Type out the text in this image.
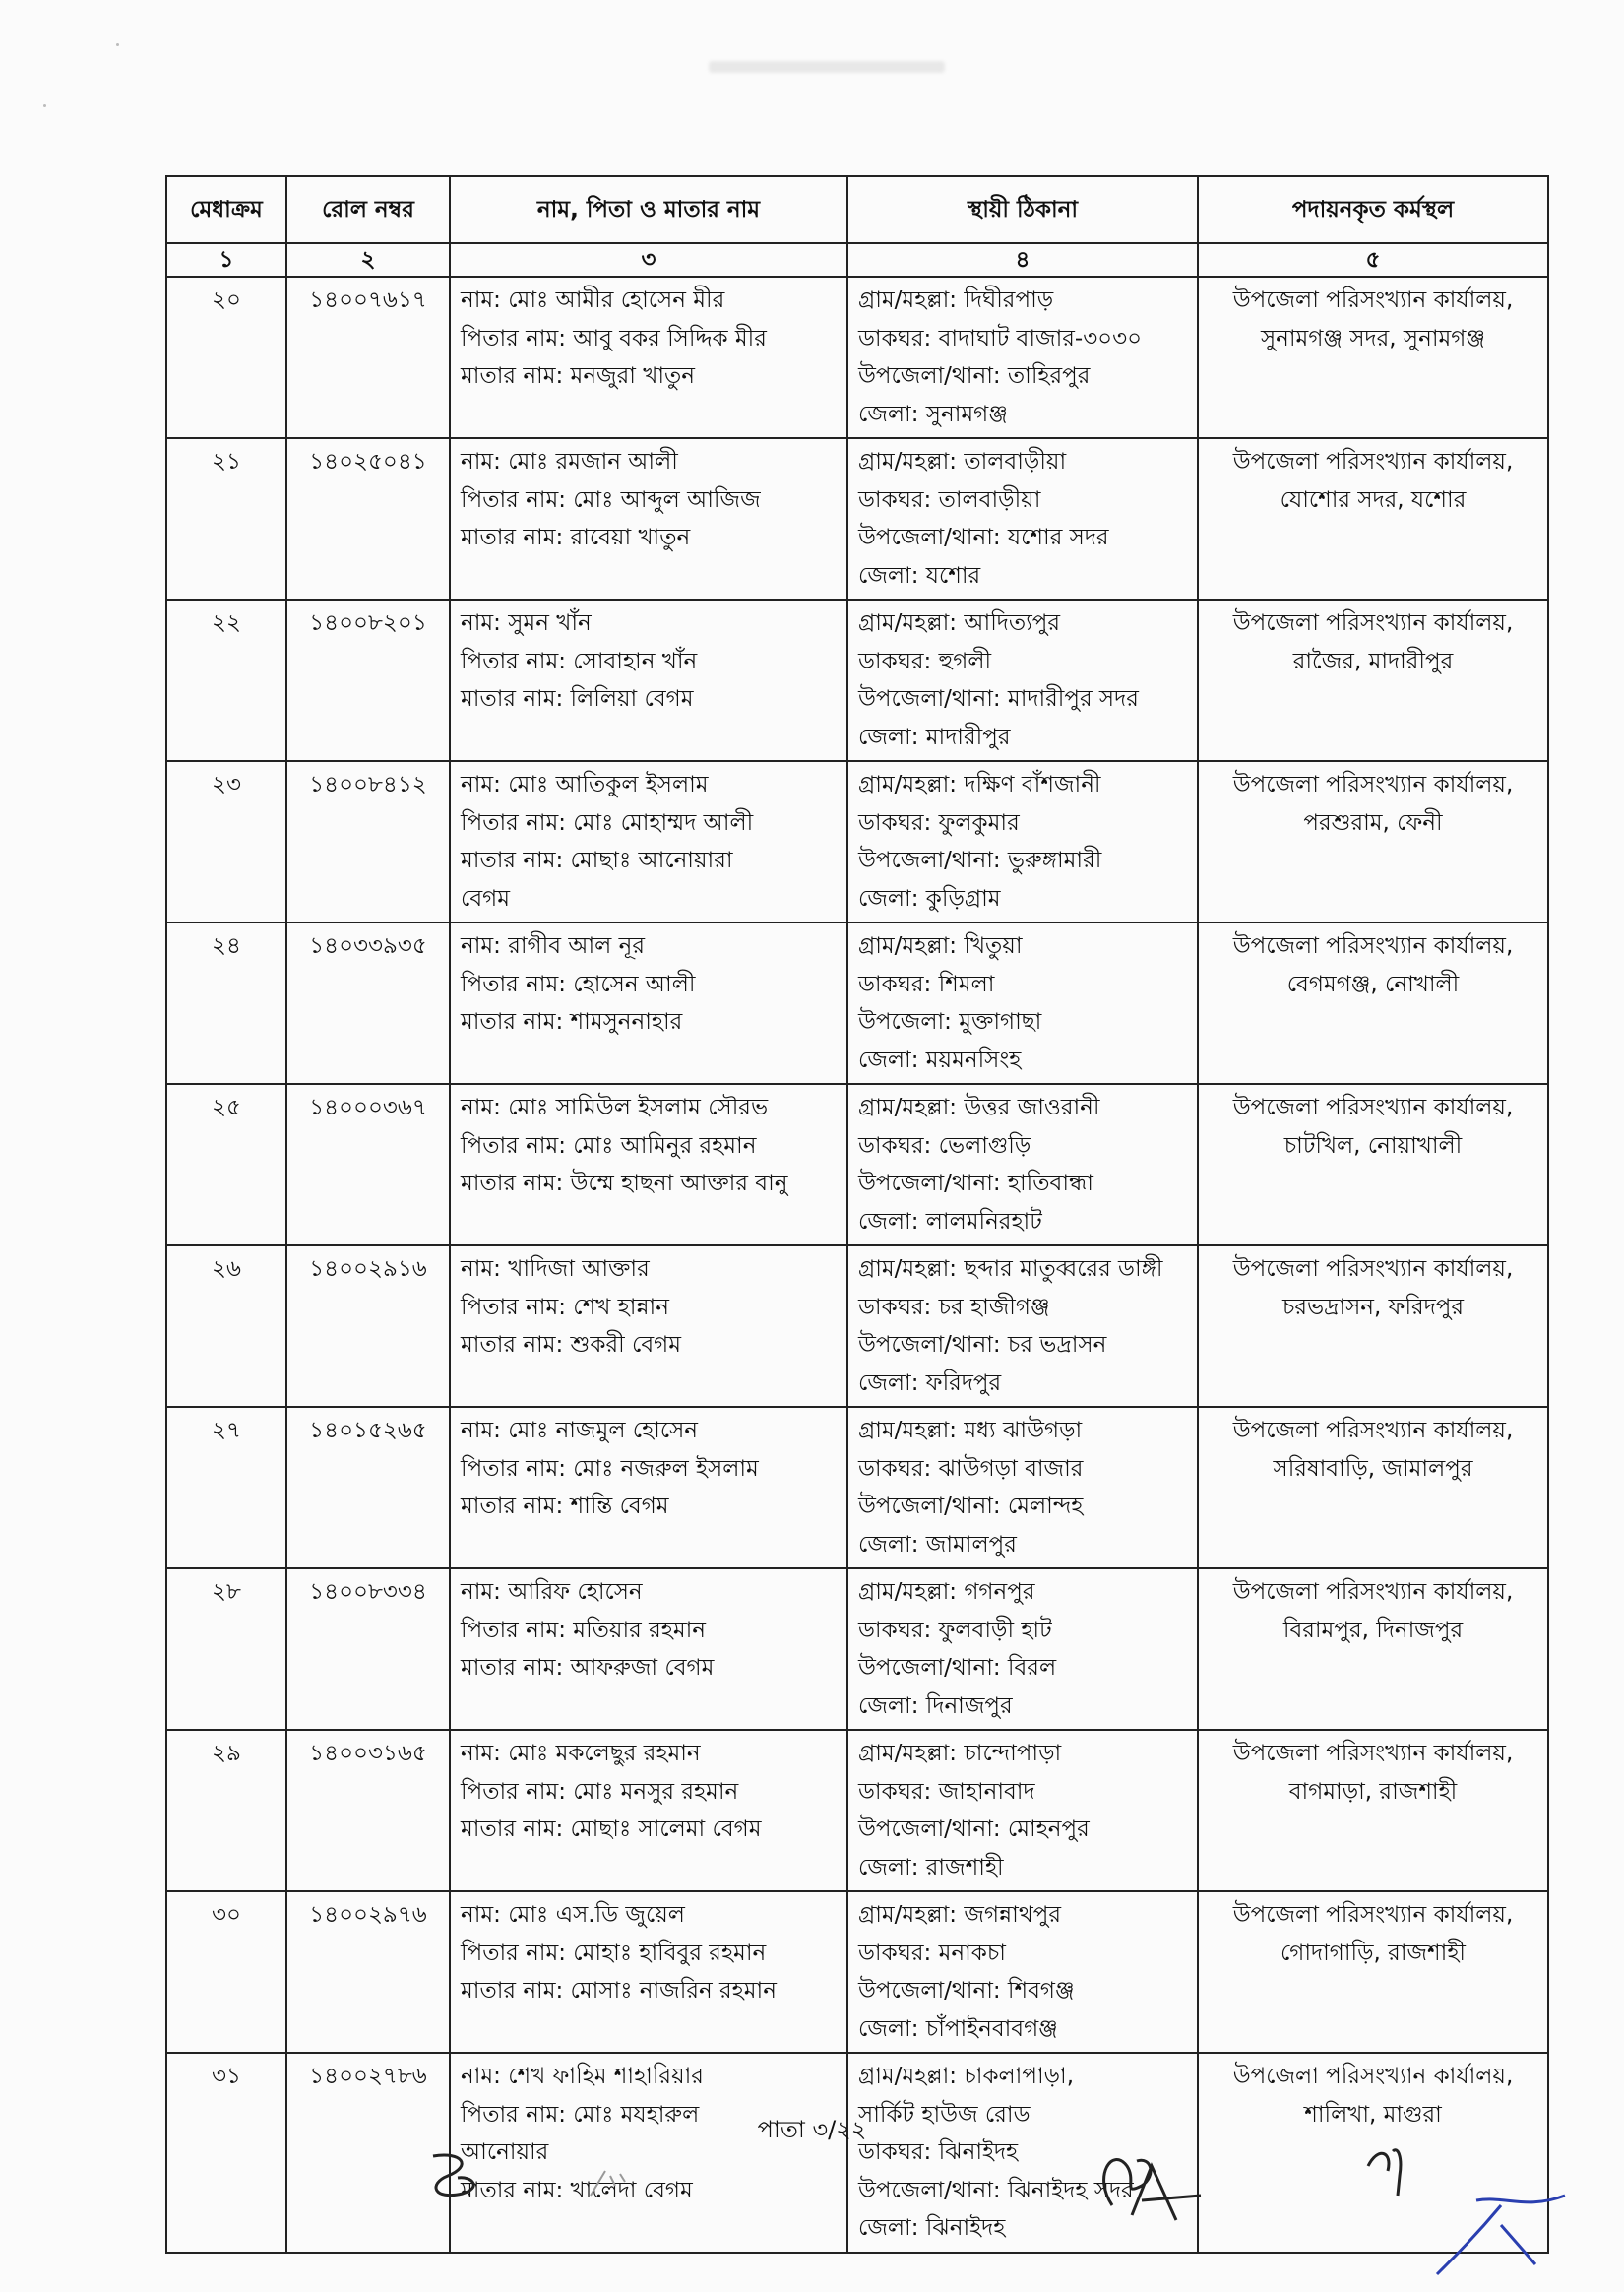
মেধাক্রম	রোল নম্বর	নাম, পিতা ও মাতার নাম	স্থায়ী ঠিকানা	পদায়নকৃত কর্মস্থল
১	২	৩	৪	৫
২০	১৪০০৭৬১৭	নাম: মোঃ আমীর হোসেন মীর
পিতার নাম: আবু বকর সিদ্দিক মীর
মাতার নাম: মনজুরা খাতুন	গ্রাম/মহল্লা: দিঘীরপাড়
ডাকঘর: বাদাঘাট বাজার-৩০৩০
উপজেলা/থানা: তাহিরপুর
জেলা: সুনামগঞ্জ	উপজেলা পরিসংখ্যান কার্যালয়,
সুনামগঞ্জ সদর, সুনামগঞ্জ

২১	১৪০২৫০৪১	নাম: মোঃ রমজান আলী
পিতার নাম: মোঃ আব্দুল আজিজ
মাতার নাম: রাবেয়া খাতুন	গ্রাম/মহল্লা: তালবাড়ীয়া
ডাকঘর: তালবাড়ীয়া
উপজেলা/থানা: যশোর সদর
জেলা: যশোর	উপজেলা পরিসংখ্যান কার্যালয়,
যোশোর সদর, যশোর

২২	১৪০০৮২০১	নাম: সুমন খাঁন
পিতার নাম: সোবাহান খাঁন
মাতার নাম: লিলিয়া বেগম	গ্রাম/মহল্লা: আদিত্যপুর
ডাকঘর: হুগলী
উপজেলা/থানা: মাদারীপুর সদর
জেলা: মাদারীপুর	উপজেলা পরিসংখ্যান কার্যালয়,
রাজৈর, মাদারীপুর

২৩	১৪০০৮৪১২	নাম: মোঃ আতিকুল ইসলাম
পিতার নাম: মোঃ মোহাম্মদ আলী
মাতার নাম: মোছাঃ আনোয়ারা
বেগম	গ্রাম/মহল্লা: দক্ষিণ বাঁশজানী
ডাকঘর: ফুলকুমার
উপজেলা/থানা: ভুরুঙ্গামারী
জেলা: কুড়িগ্রাম	উপজেলা পরিসংখ্যান কার্যালয়,
পরশুরাম, ফেনী

২৪	১৪০৩৩৯৩৫	নাম: রাগীব আল নূর
পিতার নাম: হোসেন আলী
মাতার নাম: শামসুননাহার	গ্রাম/মহল্লা: খিতুয়া
ডাকঘর: শিমলা
উপজেলা: মুক্তাগাছা
জেলা: ময়মনসিংহ	উপজেলা পরিসংখ্যান কার্যালয়,
বেগমগঞ্জ, নোখালী

২৫	১৪০০০৩৬৭	নাম: মোঃ সামিউল ইসলাম সৌরভ
পিতার নাম: মোঃ আমিনুর রহমান
মাতার নাম: উম্মে হাছনা আক্তার বানু	গ্রাম/মহল্লা: উত্তর জাওরানী
ডাকঘর: ভেলাগুড়ি
উপজেলা/থানা: হাতিবান্ধা
জেলা: লালমনিরহাট	উপজেলা পরিসংখ্যান কার্যালয়,
চাটখিল, নোয়াখালী

২৬	১৪০০২৯১৬	নাম: খাদিজা আক্তার
পিতার নাম: শেখ হান্নান
মাতার নাম: শুকরী বেগম	গ্রাম/মহল্লা: ছব্দার মাতুব্বরের ডাঙ্গী
ডাকঘর: চর হাজীগঞ্জ
উপজেলা/থানা: চর ভদ্রাসন
জেলা: ফরিদপুর	উপজেলা পরিসংখ্যান কার্যালয়,
চরভদ্রাসন, ফরিদপুর

২৭	১৪০১৫২৬৫	নাম: মোঃ নাজমুল হোসেন
পিতার নাম: মোঃ নজরুল ইসলাম
মাতার নাম: শান্তি বেগম	গ্রাম/মহল্লা: মধ্য ঝাউগড়া
ডাকঘর: ঝাউগড়া বাজার
উপজেলা/থানা: মেলান্দহ
জেলা: জামালপুর	উপজেলা পরিসংখ্যান কার্যালয়,
সরিষাবাড়ি, জামালপুর

২৮	১৪০০৮৩৩৪	নাম: আরিফ হোসেন
পিতার নাম: মতিয়ার রহমান
মাতার নাম: আফরুজা বেগম	গ্রাম/মহল্লা: গগনপুর
ডাকঘর: ফুলবাড়ী হাট
উপজেলা/থানা: বিরল
জেলা: দিনাজপুর	উপজেলা পরিসংখ্যান কার্যালয়,
বিরামপুর, দিনাজপুর

২৯	১৪০০৩১৬৫	নাম: মোঃ মকলেছুর রহমান
পিতার নাম: মোঃ মনসুর রহমান
মাতার নাম: মোছাঃ সালেমা বেগম	গ্রাম/মহল্লা: চান্দোপাড়া
ডাকঘর: জাহানাবাদ
উপজেলা/থানা: মোহনপুর
জেলা: রাজশাহী	উপজেলা পরিসংখ্যান কার্যালয়,
বাগমাড়া, রাজশাহী

৩০	১৪০০২৯৭৬	নাম: মোঃ এস.ডি জুয়েল
পিতার নাম: মোহাঃ হাবিবুর রহমান
মাতার নাম: মোসাঃ নাজরিন রহমান	গ্রাম/মহল্লা: জগন্নাথপুর
ডাকঘর: মনাকচা
উপজেলা/থানা: শিবগঞ্জ
জেলা: চাঁপাইনবাবগঞ্জ	উপজেলা পরিসংখ্যান কার্যালয়,
গোদাগাড়ি, রাজশাহী

৩১	১৪০০২৭৮৬	নাম: শেখ ফাহিম শাহারিয়ার
পিতার নাম: মোঃ মযহারুল
আনোয়ার
মাতার নাম: খালেদা বেগম	গ্রাম/মহল্লা: চাকলাপাড়া,
সার্কিট হাউজ রোড
ডাকঘর: ঝিনাইদহ
উপজেলা/থানা: ঝিনাইদহ সদর
জেলা: ঝিনাইদহ	উপজেলা পরিসংখ্যান কার্যালয়,
শালিখা, মাগুরা
পাতা ৩/২২
